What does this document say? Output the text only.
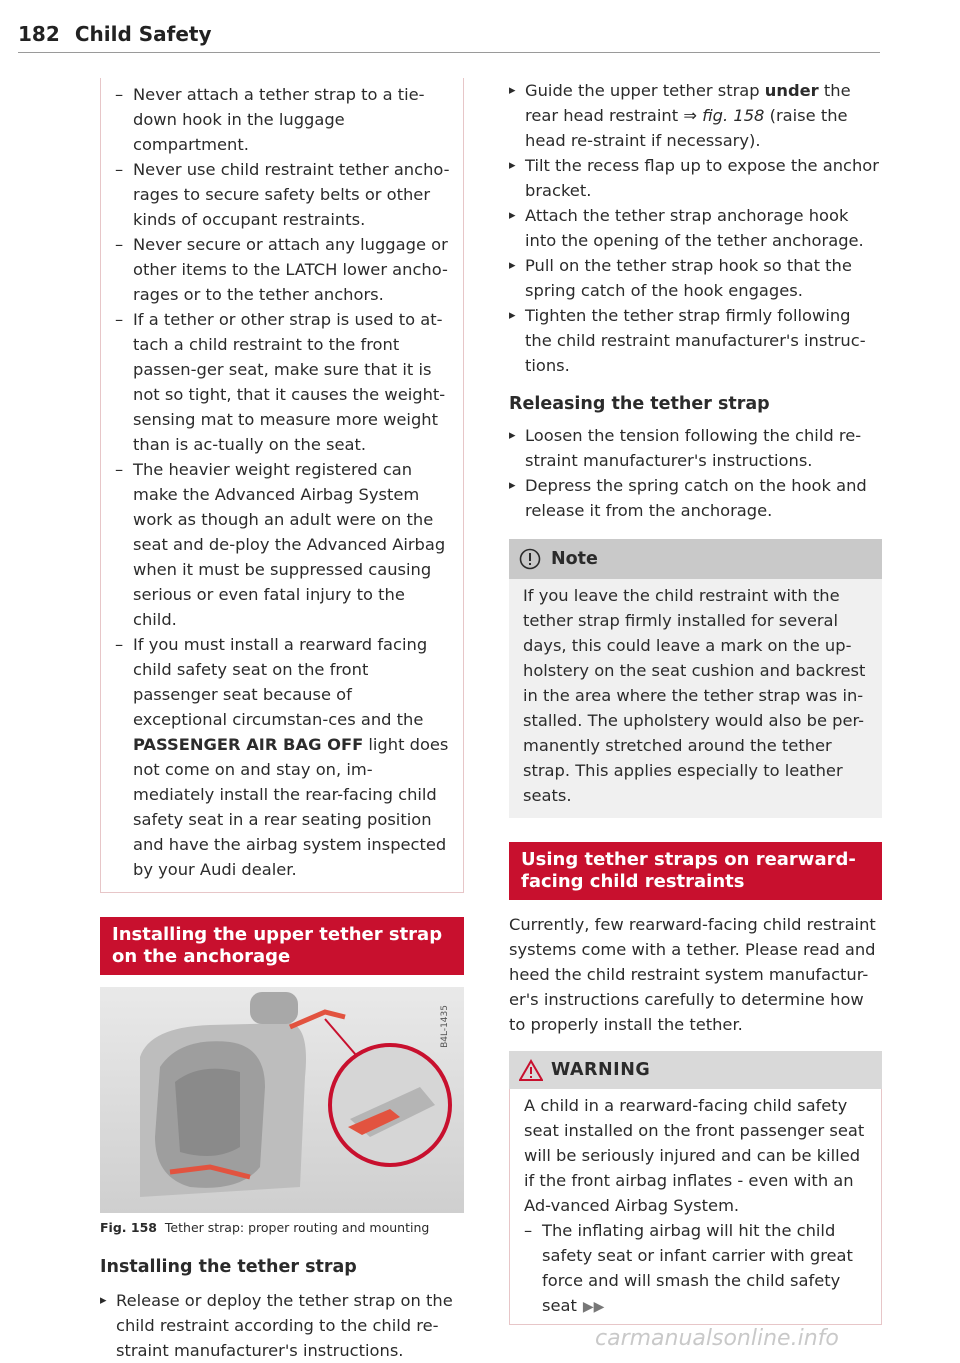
182 Child Safety
– Never attach a tether strap to a tie-down hook in the luggage compartment.
– Never use child restraint tether ancho-rages to secure safety belts or other kinds of occupant restraints.
– Never secure or attach any luggage or other items to the LATCH lower ancho-rages or to the tether anchors.
– If a tether or other strap is used to at-tach a child restraint to the front passen-ger seat, make sure that it is not so tight, that it causes the weight-sensing mat to measure more weight than is ac-tually on the seat.
– The heavier weight registered can make the Advanced Airbag System work as though an adult were on the seat and de-ploy the Advanced Airbag when it must be suppressed causing serious or even fatal injury to the child.
– If you must install a rearward facing child safety seat on the front passenger seat because of exceptional circumstan-ces and the PASSENGER AIR BAG OFF light does not come on and stay on, im-mediately install the rear-facing child safety seat in a rear seating position and have the airbag system inspected by your Audi dealer.
Installing the upper tether strap on the anchorage
B4L-1435
Fig. 158 Tether strap: proper routing and mounting
Installing the tether strap
▸ Release or deploy the tether strap on the child restraint according to the child re-straint manufacturer's instructions.
▸ Guide the upper tether strap under the rear head restraint ⇒ fig. 158 (raise the head re-straint if necessary).
▸ Tilt the recess flap up to expose the anchor bracket.
▸ Attach the tether strap anchorage hook into the opening of the tether anchorage.
▸ Pull on the tether strap hook so that the spring catch of the hook engages.
▸ Tighten the tether strap firmly following the child restraint manufacturer's instruc-tions.
Releasing the tether strap
▸ Loosen the tension following the child re-straint manufacturer's instructions.
▸ Depress the spring catch on the hook and release it from the anchorage.
Note
If you leave the child restraint with the tether strap firmly installed for several days, this could leave a mark on the up-holstery on the seat cushion and backrest in the area where the tether strap was in-stalled. The upholstery would also be per-manently stretched around the tether strap. This applies especially to leather seats.
Using tether straps on rearward-facing child restraints
Currently, few rearward-facing child restraint systems come with a tether. Please read and heed the child restraint system manufactur-er's instructions carefully to determine how to properly install the tether.
WARNING
A child in a rearward-facing child safety seat installed on the front passenger seat will be seriously injured and can be killed if the front airbag inflates - even with an Ad-vanced Airbag System.
– The inflating airbag will hit the child safety seat or infant carrier with great force and will smash the child safety seat ▶▶
carmanualsonline.info
